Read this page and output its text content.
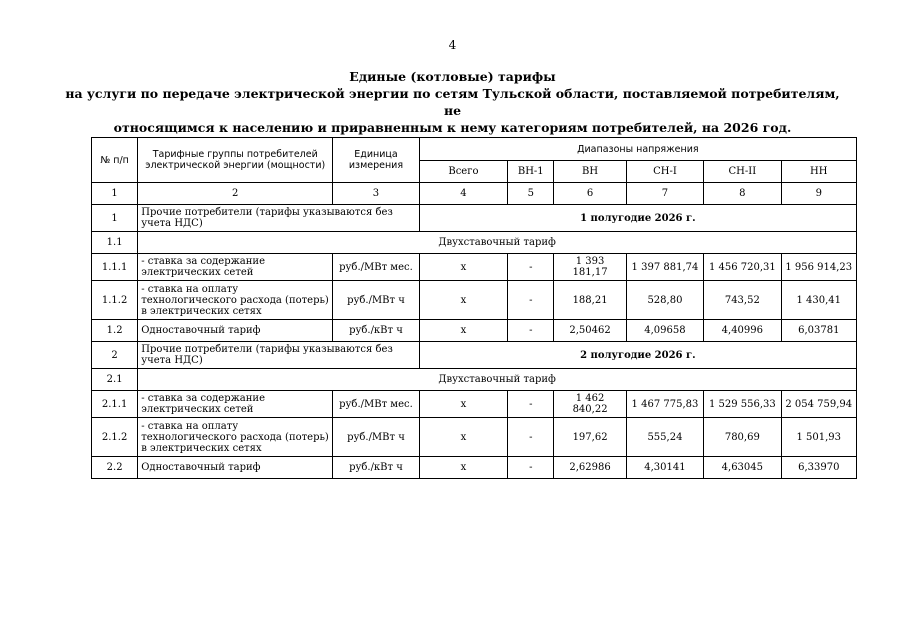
4
Единые (котловые) тарифы
на услуги по передаче электрической энергии по сетям Тульской области, поставляемой потребителям, не
относящимся к населению и приравненным к нему категориям потребителей, на 2026 год.
№ п/п	Тарифные группы потребителей электрической энергии (мощности)	Единица измерения	Диапазоны напряжения					
			Всего	ВН-1	ВН	СН-I	СН-II	НН
1	2	3	4	5	6	7	8	9
1	Прочие потребители (тарифы указываются без учета НДС)		1 полугодие 2026 г.					
1.1	Двухставочный тариф							
1.1.1	- ставка за содержание электрических сетей	руб./МВт мес.	х	-	1 393 181,17	1 397 881,74	1 456 720,31	1 956 914,23
1.1.2	- ставка на оплату технологического расхода (потерь) в электрических сетях	руб./МВт ч	х	-	188,21	528,80	743,52	1 430,41
1.2	Одноставочный тариф	руб./кВт ч	х	-	2,50462	4,09658	4,40996	6,03781
2	Прочие потребители (тарифы указываются без учета НДС)		2 полугодие 2026 г.					
2.1	Двухставочный тариф							
2.1.1	- ставка за содержание электрических сетей	руб./МВт мес.	х	-	1 462 840,22	1 467 775,83	1 529 556,33	2 054 759,94
2.1.2	- ставка на оплату технологического расхода (потерь) в электрических сетях	руб./МВт ч	х	-	197,62	555,24	780,69	1 501,93
2.2	Одноставочный тариф	руб./кВт ч	х	-	2,62986	4,30141	4,63045	6,33970
